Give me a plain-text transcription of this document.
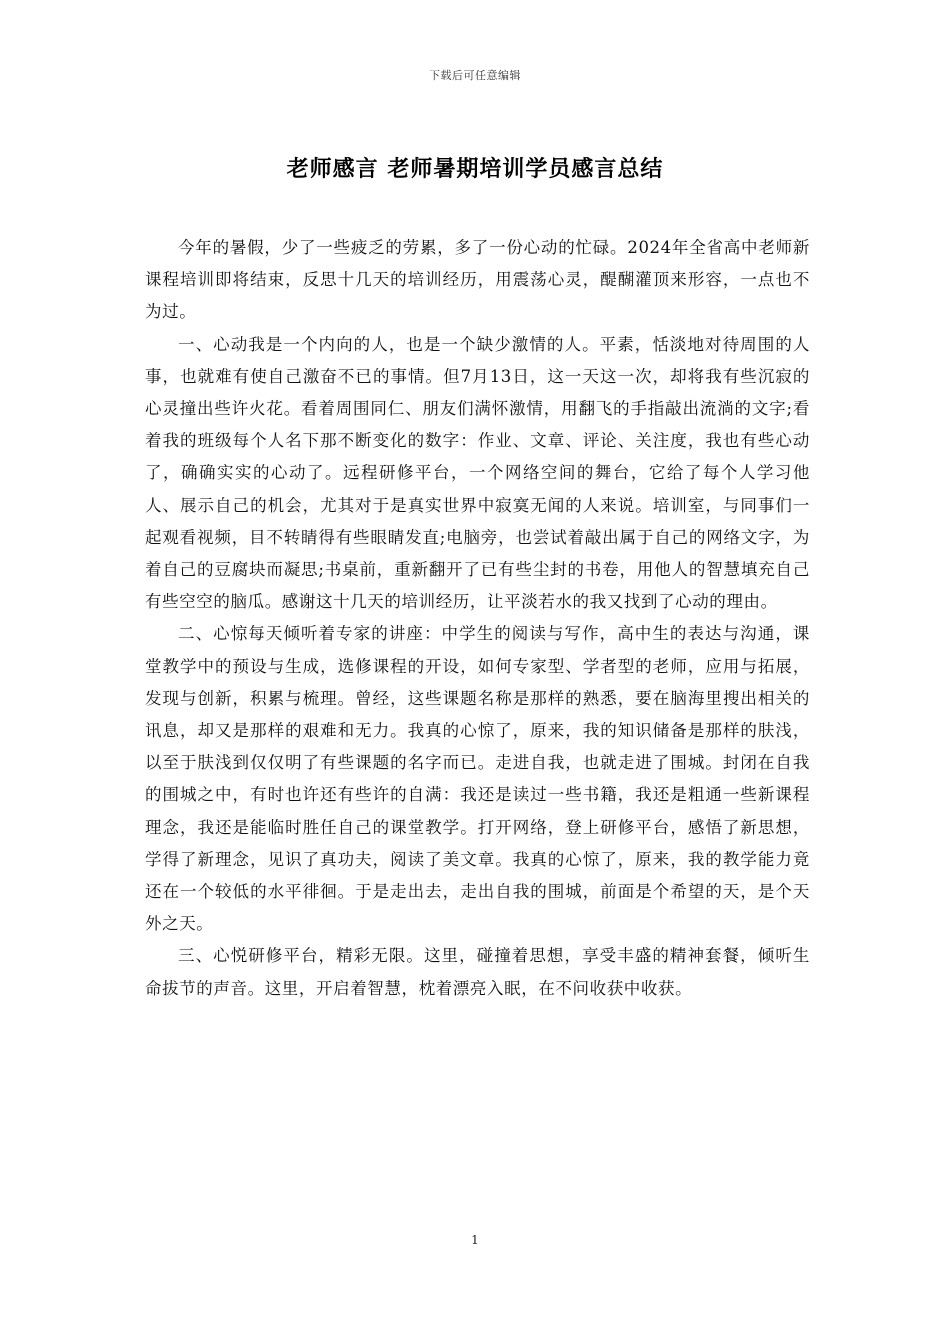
下载后可任意编辑
老师感言 老师暑期培训学员感言总结

今年的暑假，少了一些疲乏的劳累，多了一份心动的忙碌。2024年全省高中老师新课程培训即将结束，反思十几天的培训经历，用震荡心灵，醍醐灌顶来形容，一点也不为过。

一、心动我是一个内向的人，也是一个缺少激情的人。平素，恬淡地对待周围的人事，也就难有使自己激奋不已的事情。但7月13日，这一天这一次，却将我有些沉寂的心灵撞出些许火花。看着周围同仁、朋友们满怀激情，用翻飞的手指敲出流淌的文字;看着我的班级每个人名下那不断变化的数字：作业、文章、评论、关注度，我也有些心动了，确确实实的心动了。远程研修平台，一个网络空间的舞台，它给了每个人学习他人、展示自己的机会，尤其对于是真实世界中寂寞无闻的人来说。培训室，与同事们一起观看视频，目不转睛得有些眼睛发直;电脑旁，也尝试着敲出属于自己的网络文字，为着自己的豆腐块而凝思;书桌前，重新翻开了已有些尘封的书卷，用他人的智慧填充自己有些空空的脑瓜。感谢这十几天的培训经历，让平淡若水的我又找到了心动的理由。

二、心惊每天倾听着专家的讲座：中学生的阅读与写作，高中生的表达与沟通，课堂教学中的预设与生成，选修课程的开设，如何专家型、学者型的老师，应用与拓展，发现与创新，积累与梳理。曾经，这些课题名称是那样的熟悉，要在脑海里搜出相关的讯息，却又是那样的艰难和无力。我真的心惊了，原来，我的知识储备是那样的肤浅，以至于肤浅到仅仅明了有些课题的名字而已。走进自我，也就走进了围城。封闭在自我的围城之中，有时也许还有些许的自满：我还是读过一些书籍，我还是粗通一些新课程理念，我还是能临时胜任自己的课堂教学。打开网络，登上研修平台，感悟了新思想，学得了新理念，见识了真功夫，阅读了美文章。我真的心惊了，原来，我的教学能力竟还在一个较低的水平徘徊。于是走出去，走出自我的围城，前面是个希望的天，是个天外之天。

三、心悦研修平台，精彩无限。这里，碰撞着思想，享受丰盛的精神套餐，倾听生命拔节的声音。这里，开启着智慧，枕着漂亮入眠，在不问收获中收获。

1
